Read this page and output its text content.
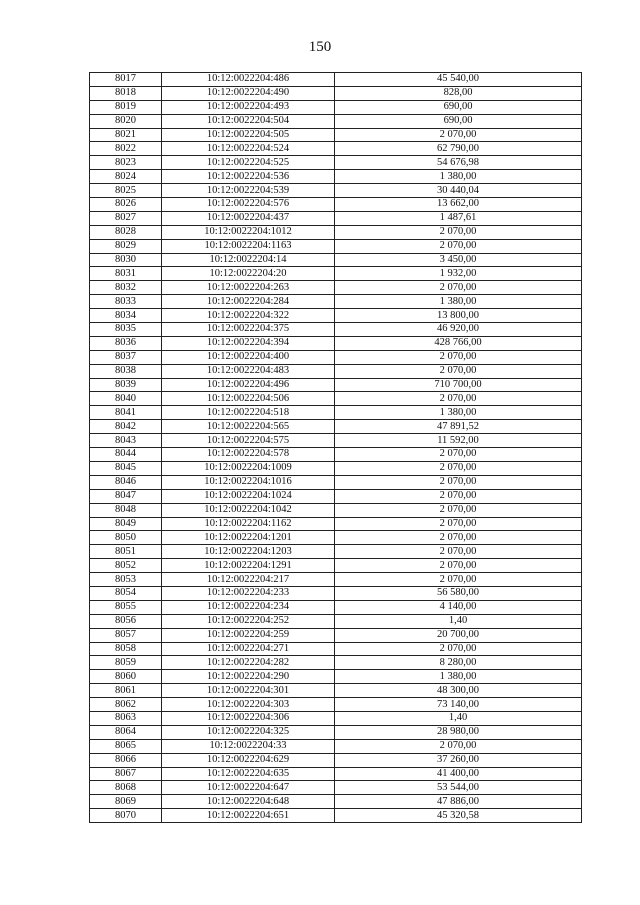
150
8017	10:12:0022204:486	45 540,00
8018	10:12:0022204:490	828,00
8019	10:12:0022204:493	690,00
8020	10:12:0022204:504	690,00
8021	10:12:0022204:505	2 070,00
8022	10:12:0022204:524	62 790,00
8023	10:12:0022204:525	54 676,98
8024	10:12:0022204:536	1 380,00
8025	10:12:0022204:539	30 440,04
8026	10:12:0022204:576	13 662,00
8027	10:12:0022204:437	1 487,61
8028	10:12:0022204:1012	2 070,00
8029	10:12:0022204:1163	2 070,00
8030	10:12:0022204:14	3 450,00
8031	10:12:0022204:20	1 932,00
8032	10:12:0022204:263	2 070,00
8033	10:12:0022204:284	1 380,00
8034	10:12:0022204:322	13 800,00
8035	10:12:0022204:375	46 920,00
8036	10:12:0022204:394	428 766,00
8037	10:12:0022204:400	2 070,00
8038	10:12:0022204:483	2 070,00
8039	10:12:0022204:496	710 700,00
8040	10:12:0022204:506	2 070,00
8041	10:12:0022204:518	1 380,00
8042	10:12:0022204:565	47 891,52
8043	10:12:0022204:575	11 592,00
8044	10:12:0022204:578	2 070,00
8045	10:12:0022204:1009	2 070,00
8046	10:12:0022204:1016	2 070,00
8047	10:12:0022204:1024	2 070,00
8048	10:12:0022204:1042	2 070,00
8049	10:12:0022204:1162	2 070,00
8050	10:12:0022204:1201	2 070,00
8051	10:12:0022204:1203	2 070,00
8052	10:12:0022204:1291	2 070,00
8053	10:12:0022204:217	2 070,00
8054	10:12:0022204:233	56 580,00
8055	10:12:0022204:234	4 140,00
8056	10:12:0022204:252	1,40
8057	10:12:0022204:259	20 700,00
8058	10:12:0022204:271	2 070,00
8059	10:12:0022204:282	8 280,00
8060	10:12:0022204:290	1 380,00
8061	10:12:0022204:301	48 300,00
8062	10:12:0022204:303	73 140,00
8063	10:12:0022204:306	1,40
8064	10:12:0022204:325	28 980,00
8065	10:12:0022204:33	2 070,00
8066	10:12:0022204:629	37 260,00
8067	10:12:0022204:635	41 400,00
8068	10:12:0022204:647	53 544,00
8069	10:12:0022204:648	47 886,00
8070	10:12:0022204:651	45 320,58
